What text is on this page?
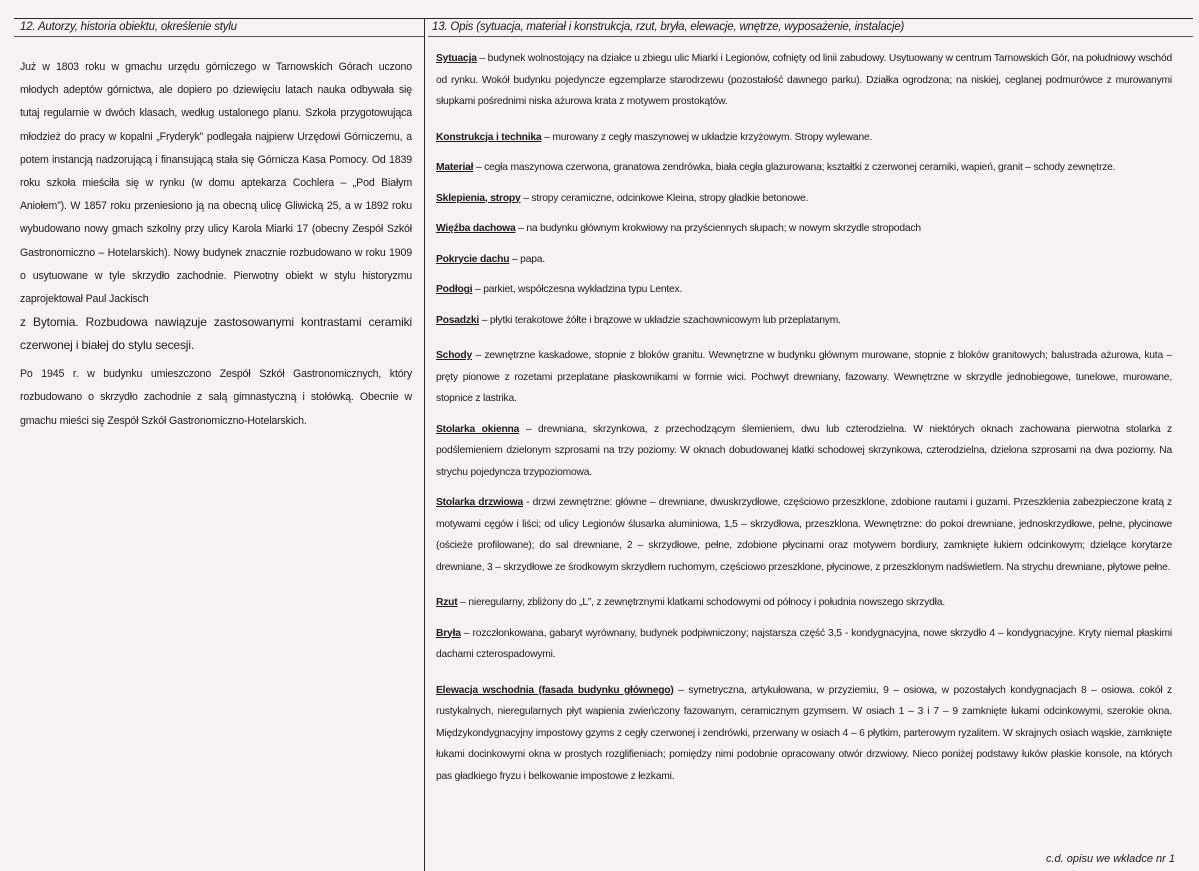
12. Autorzy, historia obiektu, określenie stylu	13. Opis (sytuacja, materiał i konstrukcja, rzut, bryła, elewacje, wnętrze, wyposażenie, instalacje)

Już w 1803 roku w gmachu urzędu górniczego w Tarnowskich Górach uczono młodych adeptów górnictwa, ale dopiero po dziewięciu latach nauka odbywała się tutaj regularnie w dwóch klasach, według ustalonego planu. Szkoła przygotowująca młodzież do pracy w kopalni „Fryderyk” podlegała najpierw Urzędowi Górniczemu, a potem instancją nadzorującą i finansującą stała się Górnicza Kasa Pomocy. Od 1839 roku szkoła mieściła się w rynku (w domu aptekarza Cochlera – „Pod Białym Aniołem”). W 1857 roku przeniesiono ją na obecną ulicę Gliwicką 25, a w 1892 roku wybudowano nowy gmach szkolny przy ulicy Karola Miarki 17 (obecny Zespół Szkół Gastronomiczno – Hotelarskich). Nowy budynek znacznie rozbudowano w roku 1909 o usytuowane w tyle skrzydło zachodnie. Pierwotny obiekt w stylu historyzmu zaprojektował Paul Jackisch

z Bytomia. Rozbudowa nawiązuje zastosowanymi kontrastami ceramiki czerwonej i białej do stylu secesji.

Po 1945 r. w budynku umieszczono Zespół Szkół Gastronomicznych, który rozbudowano o skrzydło zachodnie z salą gimnastyczną i stołówką. Obecnie w gmachu mieści się Zespół Szkół Gastronomiczno-Hotelarskich.

Sytuacja – budynek wolnostojący na działce u zbiegu ulic Miarki i Legionów, cofnięty od linii zabudowy. Usytuowany w centrum Tarnowskich Gór, na południowy wschód od rynku. Wokół budynku pojedyncze egzemplarze starodrzewu (pozostałość dawnego parku). Działka ogrodzona; na niskiej, ceglanej podmurówce z murowanymi słupkami pośrednimi niska ażurowa krata z motywem prostokątów.

Konstrukcja i technika – murowany z cegły maszynowej w układzie krzyżowym. Stropy wylewane.

Materiał – cegła maszynowa czerwona, granatowa zendrówka, biała cegła glazurowana; kształtki z czerwonej ceramiki, wapień, granit – schody zewnętrze.

Sklepienia, stropy – stropy ceramiczne, odcinkowe Kleina, stropy gładkie betonowe.

Więźba dachowa – na budynku głównym krokwiowy na przyściennych słupach; w nowym skrzydle stropodach

Pokrycie dachu – papa.

Podłogi – parkiet, współczesna wykładzina typu Lentex.

Posadzki – płytki terakotowe żółte i brązowe w układzie szachownicowym lub przeplatanym.

Schody – zewnętrzne kaskadowe, stopnie z bloków granitu. Wewnętrzne w budynku głównym murowane, stopnie z bloków granitowych; balustrada ażurowa, kuta – pręty pionowe z rozetami przeplatane płaskownikami w formie wici. Pochwyt drewniany, fazowany. Wewnętrzne w skrzydle jednobiegowe, tunelowe, murowane, stopnice z lastrika.

Stolarka okienna – drewniana, skrzynkowa, z przechodzącym ślemieniem, dwu lub czterodzielna. W niektórych oknach zachowana pierwotna stolarka z podślemieniem dzielonym szprosami na trzy poziomy. W oknach dobudowanej klatki schodowej skrzynkowa, czterodzielna, dzielona szprosami na dwa poziomy. Na strychu pojedyncza trzypoziomowa.

Stolarka drzwiowa - drzwi zewnętrzne: główne – drewniane, dwuskrzydłowe, częściowo przeszklone, zdobione rautami i guzami. Przeszklenia zabezpieczone kratą z motywami cęgów i liści; od ulicy Legionów ślusarka aluminiowa, 1,5 – skrzydłowa, przeszklona. Wewnętrzne: do pokoi drewniane, jednoskrzydłowe, pełne, płycinowe (ościeże profilowane); do sal drewniane, 2 – skrzydłowe, pełne, zdobione płycinami oraz motywem bordiury, zamknięte łukiem odcinkowym; dzielące korytarze drewniane, 3 – skrzydłowe ze środkowym skrzydłem ruchomym, częściowo przeszklone, płycinowe, z przeszklonym nadświetlem. Na strychu drewniane, płytowe pełne.

Rzut – nieregularny, zbliżony do „L”, z zewnętrznymi klatkami schodowymi od północy i południa nowszego skrzydła.

Bryła – rozczłonkowana, gabaryt wyrównany, budynek podpiwniczony; najstarsza część 3,5 - kondygnacyjna, nowe skrzydło 4 – kondygnacyjne. Kryty niemal płaskimi dachami czterospadowymi.

Elewacja wschodnia (fasada budynku głównego) – symetryczna, artykułowana, w przyziemiu, 9 – osiowa, w pozostałych kondygnacjach 8 – osiowa. cokół z rustykalnych, nieregularnych płyt wapienia zwieńczony fazowanym, ceramicznym gzymsem. W osiach 1 – 3 i 7 – 9 zamknięte łukami odcinkowymi, szerokie okna. Międzykondygnacyjny impostowy gzyms z cegły czerwonej i zendrówki, przerwany w osiach 4 – 6 płytkim, parterowym ryzalitem. W skrajnych osiach wąskie, zamknięte łukami docinkowymi okna w prostych rozglifieniach; pomiędzy nimi podobnie opracowany otwór drzwiowy. Nieco poniżej podstawy łuków płaskie konsole, na których pas gładkiego fryzu i belkowanie impostowe z łezkami.

c.d. opisu we wkładce nr 1
